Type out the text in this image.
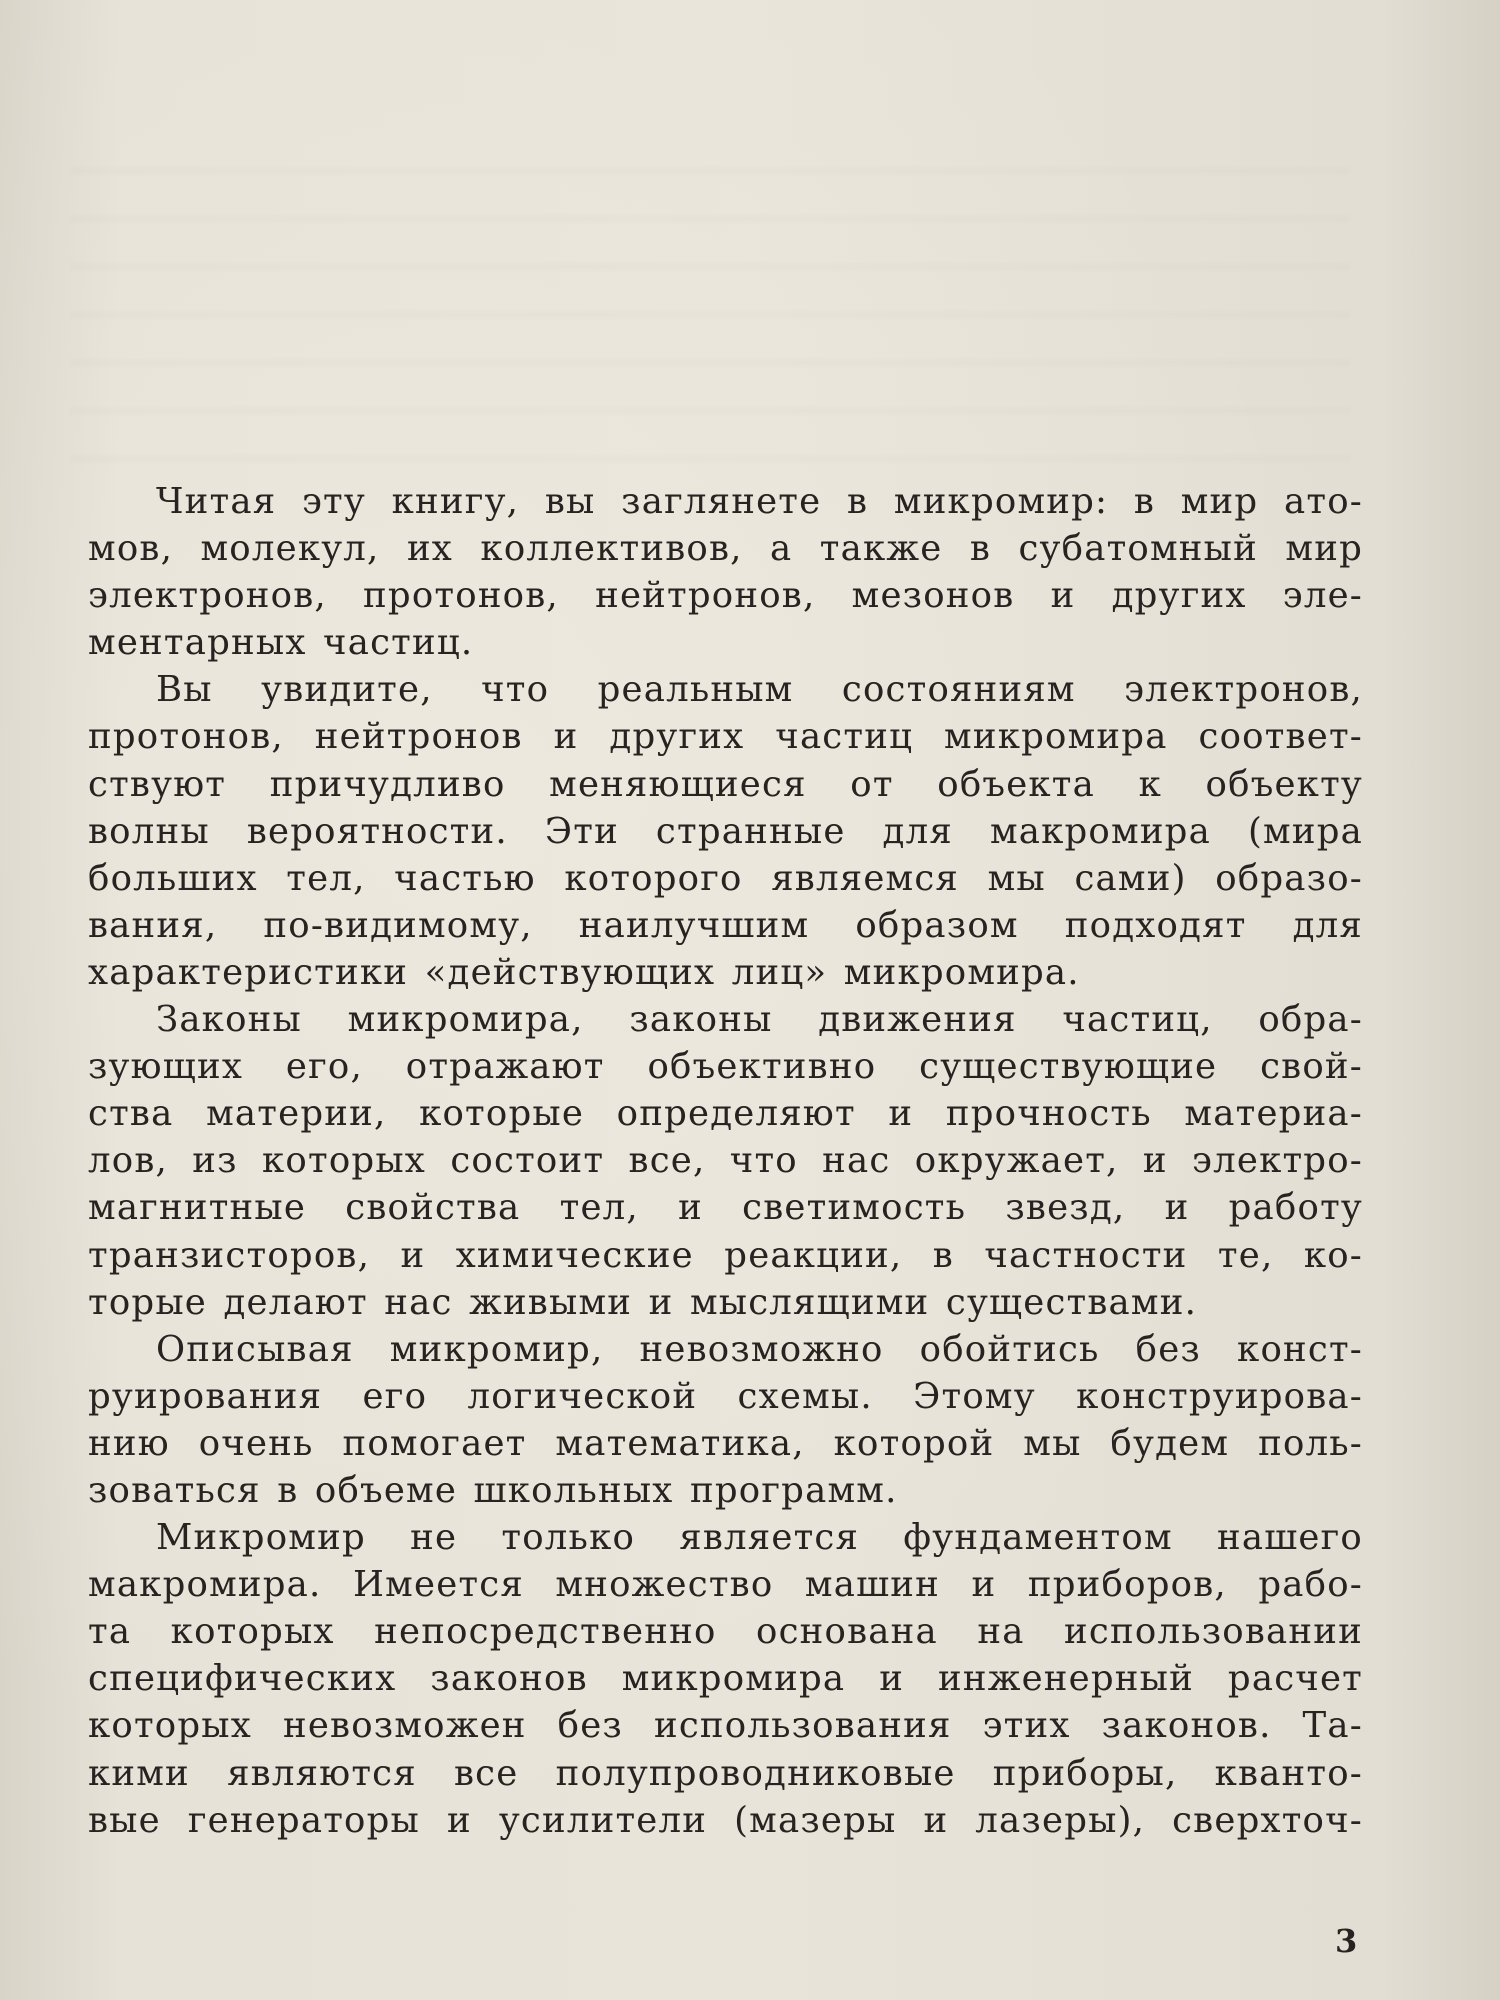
Читая эту книгу, вы заглянете в микромир: в мир ато-
мов, молекул, их коллективов, а также в субатомный мир
электронов, протонов, нейтронов, мезонов и других эле-
ментарных частиц.

Вы увидите, что реальным состояниям электронов,
протонов, нейтронов и других частиц микромира соответ-
ствуют причудливо меняющиеся от объекта к объекту
волны вероятности. Эти странные для макромира (мира
больших тел, частью которого являемся мы сами) образо-
вания, по-видимому, наилучшим образом подходят для
характеристики «действующих лиц» микромира.

Законы микромира, законы движения частиц, обра-
зующих его, отражают объективно существующие свой-
ства материи, которые определяют и прочность материа-
лов, из которых состоит все, что нас окружает, и электро-
магнитные свойства тел, и светимость звезд, и работу
транзисторов, и химические реакции, в частности те, ко-
торые делают нас живыми и мыслящими существами.

Описывая микромир, невозможно обойтись без конст-
руирования его логической схемы. Этому конструирова-
нию очень помогает математика, которой мы будем поль-
зоваться в объеме школьных программ.

Микромир не только является фундаментом нашего
макромира. Имеется множество машин и приборов, рабо-
та которых непосредственно основана на использовании
специфических законов микромира и инженерный расчет
которых невозможен без использования этих законов. Та-
кими являются все полупроводниковые приборы, кванто-
вые генераторы и усилители (мазеры и лазеры), сверхточ-

3
